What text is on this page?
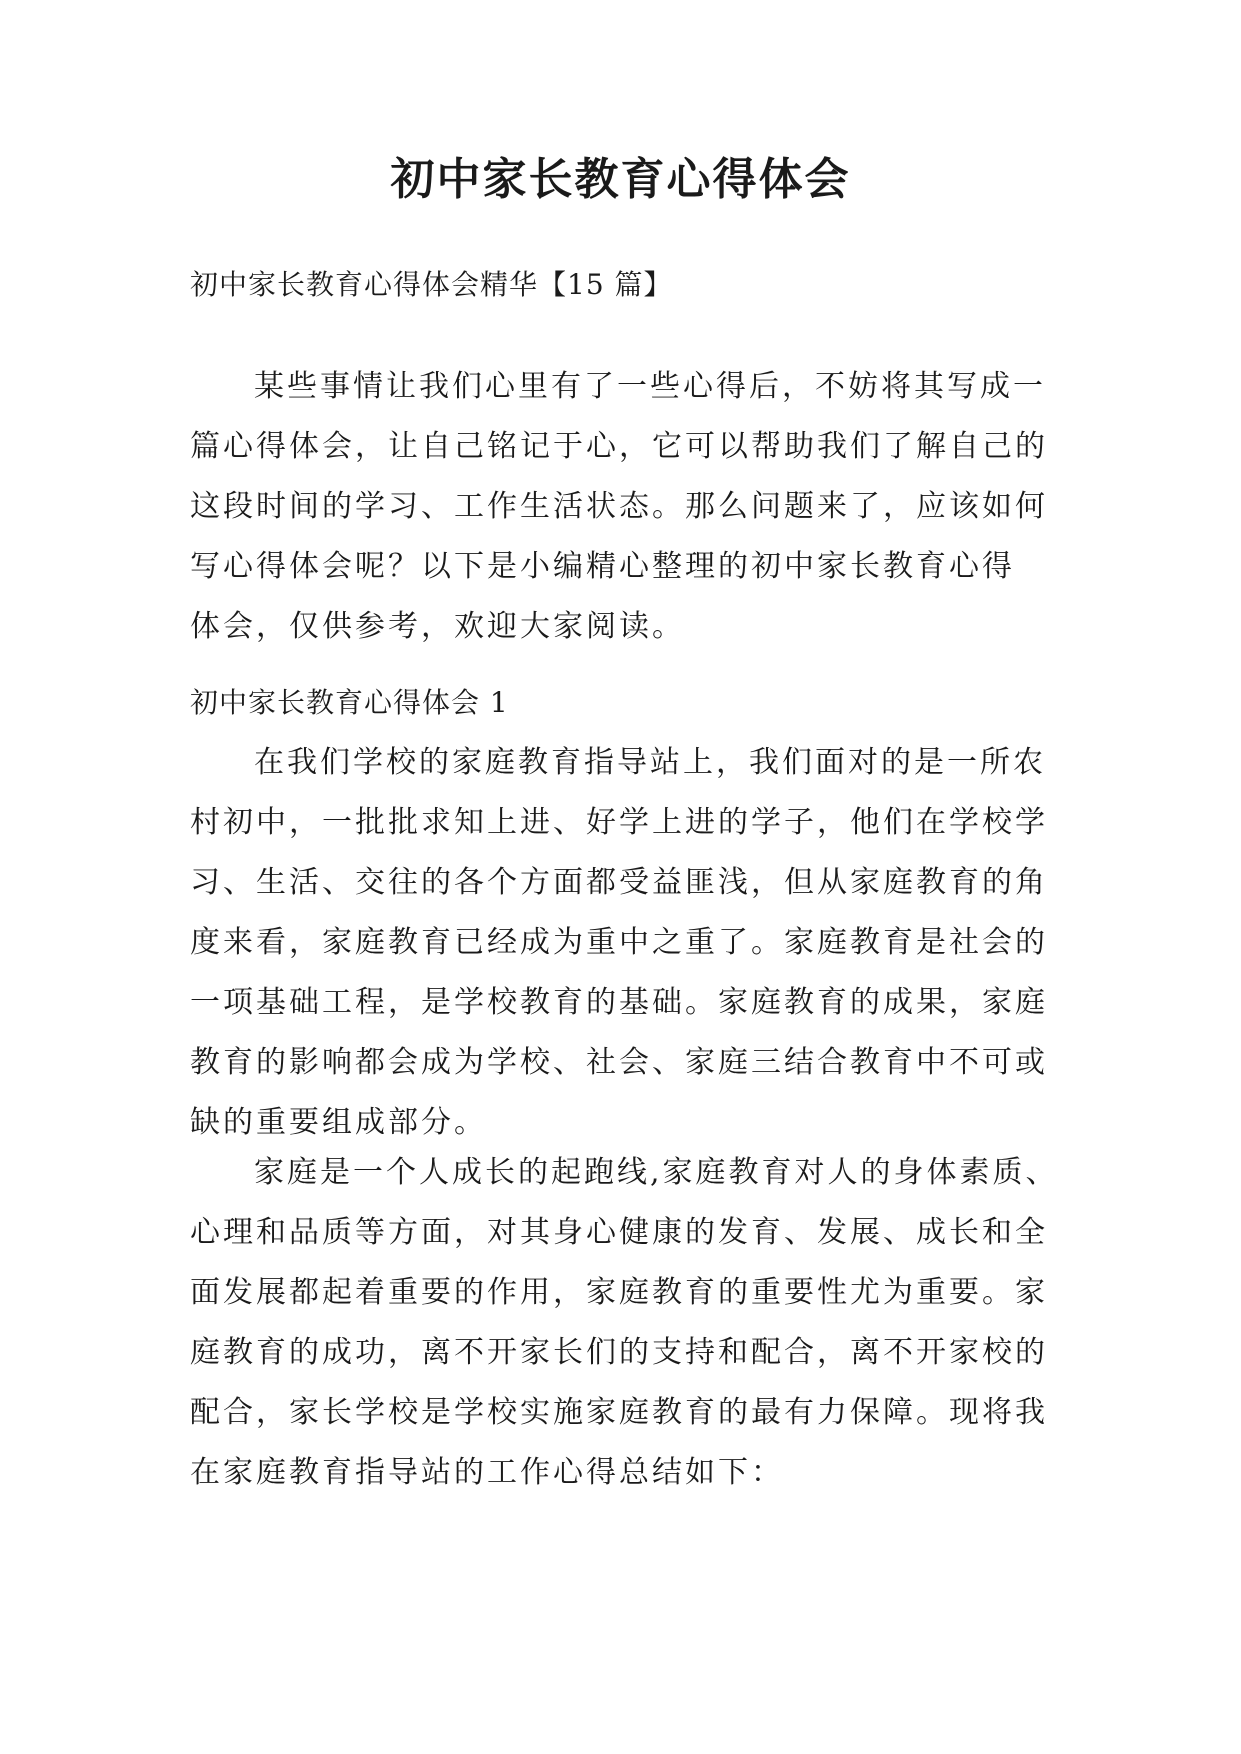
初中家长教育心得体会

初中家长教育心得体会精华【15 篇】

某些事情让我们心里有了一些心得后，不妨将其写成一
篇心得体会，让自己铭记于心，它可以帮助我们了解自己的
这段时间的学习、工作生活状态。那么问题来了，应该如何
写心得体会呢？以下是小编精心整理的初中家长教育心得
体会，仅供参考，欢迎大家阅读。

初中家长教育心得体会 1

在我们学校的家庭教育指导站上，我们面对的是一所农
村初中，一批批求知上进、好学上进的学子，他们在学校学
习、生活、交往的各个方面都受益匪浅，但从家庭教育的角
度来看，家庭教育已经成为重中之重了。家庭教育是社会的
一项基础工程，是学校教育的基础。家庭教育的成果，家庭
教育的影响都会成为学校、社会、家庭三结合教育中不可或
缺的重要组成部分。
家庭是一个人成长的起跑线,家庭教育对人的身体素质、
心理和品质等方面，对其身心健康的发育、发展、成长和全
面发展都起着重要的作用，家庭教育的重要性尤为重要。家
庭教育的成功，离不开家长们的支持和配合，离不开家校的
配合，家长学校是学校实施家庭教育的最有力保障。现将我
在家庭教育指导站的工作心得总结如下：
